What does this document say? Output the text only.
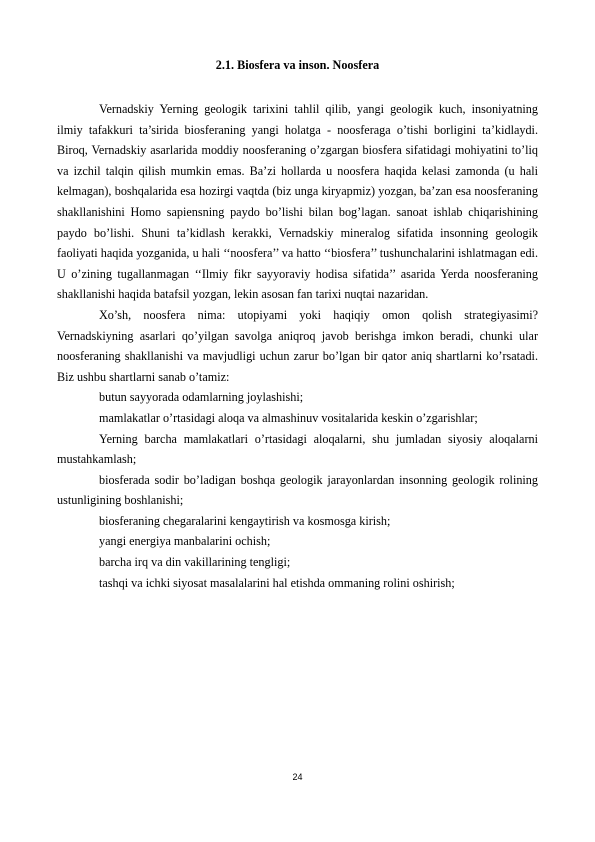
2.1. Biosfera va inson. Noosfera

Vernadskiy Yerning geologik tarixini tahlil qilib, yangi geologik kuch, insoniyatning ilmiy tafakkuri ta’sirida biosferaning yangi holatga - noosferaga o’tishi borligini ta’kidlaydi. Biroq, Vernadskiy asarlarida moddiy noosferaning o’zgargan biosfera sifatidagi mohiyatini to’liq va izchil talqin qilish mumkin emas. Ba’zi hollarda u noosfera haqida kelasi zamonda (u hali kelmagan), boshqalarida esa hozirgi vaqtda (biz unga kiryapmiz) yozgan, ba’zan esa noosferaning shakllanishini Homo sapiensning paydo bo’lishi bilan bog’lagan. sanoat ishlab chiqarishining paydo bo’lishi. Shuni ta’kidlash kerakki, Vernadskiy mineralog sifatida insonning geologik faoliyati haqida yozganida, u hali ‘‘noosfera’’ va hatto ‘‘biosfera’’ tushunchalarini ishlatmagan edi. U o’zining tugallanmagan ‘‘Ilmiy fikr sayyoraviy hodisa sifatida’’ asarida Yerda noosferaning shakllanishi haqida batafsil yozgan, lekin asosan fan tarixi nuqtai nazaridan.

Xo’sh, noosfera nima: utopiyami yoki haqiqiy omon qolish strategiyasimi? Vernadskiyning asarlari qo’yilgan savolga aniqroq javob berishga imkon beradi, chunki ular noosferaning shakllanishi va mavjudligi uchun zarur bo’lgan bir qator aniq shartlarni ko’rsatadi. Biz ushbu shartlarni sanab o’tamiz:

butun sayyorada odamlarning joylashishi;

mamlakatlar o’rtasidagi aloqa va almashinuv vositalarida keskin o’zgarishlar;

Yerning barcha mamlakatlari o’rtasidagi aloqalarni, shu jumladan siyosiy aloqalarni mustahkamlash;

biosferada sodir bo’ladigan boshqa geologik jarayonlardan insonning geologik rolining ustunligining boshlanishi;

biosferaning chegaralarini kengaytirish va kosmosga kirish;

yangi energiya manbalarini ochish;

barcha irq va din vakillarining tengligi;

tashqi va ichki siyosat masalalarini hal etishda ommaning rolini oshirish;

24
